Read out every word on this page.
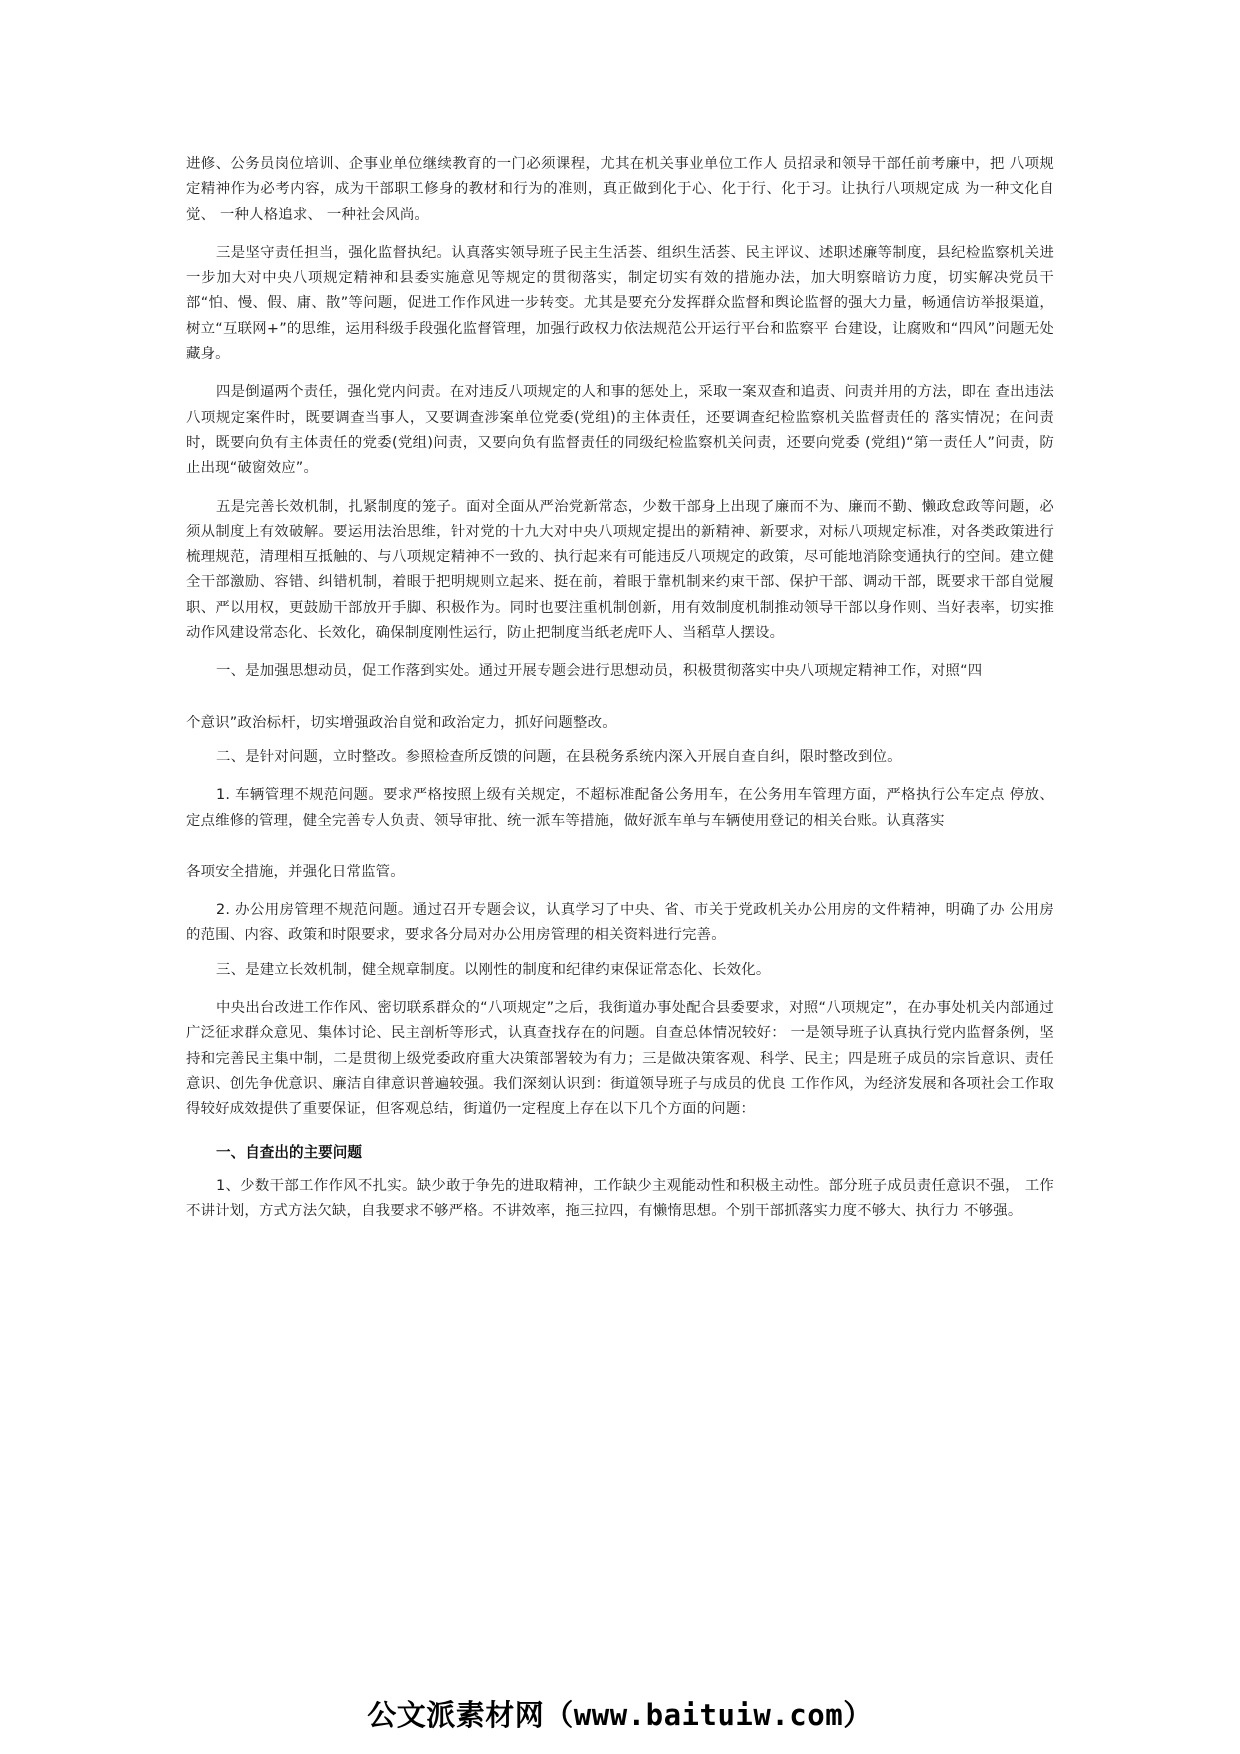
进修、公务员岗位培训、企事业单位继续教育的一门必须课程，尤其在机关事业单位工作人 员招录和领导干部任前考廉中，把 八项规定精神作为必考内容，成为干部职工修身的教材和行为的准则，真正做到化于心、化于行、化于习。让执行八项规定成 为一种文化自觉、 一种人格追求、 一种社会风尚。

三是坚守责任担当，强化监督执纪。认真落实领导班子民主生活荟、组织生活荟、民主评议、述职述廉等制度，县纪检监察机关进一步加大对中央八项规定精神和县委实施意见等规定的贯彻落实，制定切实有效的措施办法，加大明察暗访力度，切实解决党员干部“怕、慢、假、庸、散”等问题，促进工作作风进一步转变。尤其是要充分发挥群众监督和舆论监督的强大力量，畅通信访举报渠道，树立“互联网+”的思维，运用科级手段强化监督管理，加强行政权力依法规范公开运行平台和监察平 台建设，让腐败和“四风”问题无处藏身。

四是倒逼两个责任，强化党内问责。在对违反八项规定的人和事的惩处上，采取一案双查和追责、问责并用的方法，即在 查出违法八项规定案件时，既要调查当事人，又要调查涉案单位党委(党组)的主体责任，还要调查纪检监察机关监督责任的 落实情况；在问责时，既要向负有主体责任的党委(党组)问责，又要向负有监督责任的同级纪检监察机关问责，还要向党委 (党组)“第一责任人”问责，防止出现“破窗效应”。

五是完善长效机制，扎紧制度的笼子。面对全面从严治党新常态，少数干部身上出现了廉而不为、廉而不勤、懒政怠政等问题，必须从制度上有效破解。要运用法治思维，针对党的十九大对中央八项规定提出的新精神、新要求，对标八项规定标准，对各类政策进行梳理规范，清理相互抵触的、与八项规定精神不一致的、执行起来有可能违反八项规定的政策，尽可能地消除变通执行的空间。建立健全干部激励、容错、纠错机制，着眼于把明规则立起来、挺在前，着眼于靠机制来约束干部、保护干部、调动干部，既要求干部自觉履职、严以用权，更鼓励干部放开手脚、积极作为。同时也要注重机制创新，用有效制度机制推动领导干部以身作则、当好表率，切实推动作风建设常态化、长效化，确保制度刚性运行，防止把制度当纸老虎吓人、当稻草人摆设。

一、是加强思想动员，促工作落到实处。通过开展专题会进行思想动员，积极贯彻落实中央八项规定精神工作，对照“四

个意识”政治标杆，切实增强政治自觉和政治定力，抓好问题整改。

二、是针对问题，立时整改。参照检查所反馈的问题，在县税务系统内深入开展自查自纠，限时整改到位。

1. 车辆管理不规范问题。要求严格按照上级有关规定，不超标准配备公务用车，在公务用车管理方面，严格执行公车定点 停放、定点维修的管理，健全完善专人负责、领导审批、统一派车等措施，做好派车单与车辆使用登记的相关台账。认真落实

各项安全措施，并强化日常监管。

2. 办公用房管理不规范问题。通过召开专题会议，认真学习了中央、省、市关于党政机关办公用房的文件精神，明确了办 公用房的范围、内容、政策和时限要求，要求各分局对办公用房管理的相关资料进行完善。

三、是建立长效机制，健全规章制度。以刚性的制度和纪律约束保证常态化、长效化。

中央出台改进工作作风、密切联系群众的“八项规定”之后，我街道办事处配合县委要求，对照“八项规定”，在办事处机关内部通过广泛征求群众意见、集体讨论、民主剖析等形式，认真查找存在的问题。自查总体情况较好： 一是领导班子认真执行党内监督条例，坚持和完善民主集中制，二是贯彻上级党委政府重大决策部署较为有力；三是做决策客观、科学、民主；四是班子成员的宗旨意识、责任意识、创先争优意识、廉洁自律意识普遍较强。我们深刻认识到：街道领导班子与成员的优良 工作作风，为经济发展和各项社会工作取得较好成效提供了重要保证，但客观总结，街道仍一定程度上存在以下几个方面的问题：

一、自查出的主要问题

1、少数干部工作作风不扎实。缺少敢于争先的进取精神，工作缺少主观能动性和积极主动性。部分班子成员责任意识不强， 工作不讲计划，方式方法欠缺，自我要求不够严格。不讲效率，拖三拉四，有懒惰思想。个别干部抓落实力度不够大、执行力 不够强。

公文派素材网（www.baituiw.com）
